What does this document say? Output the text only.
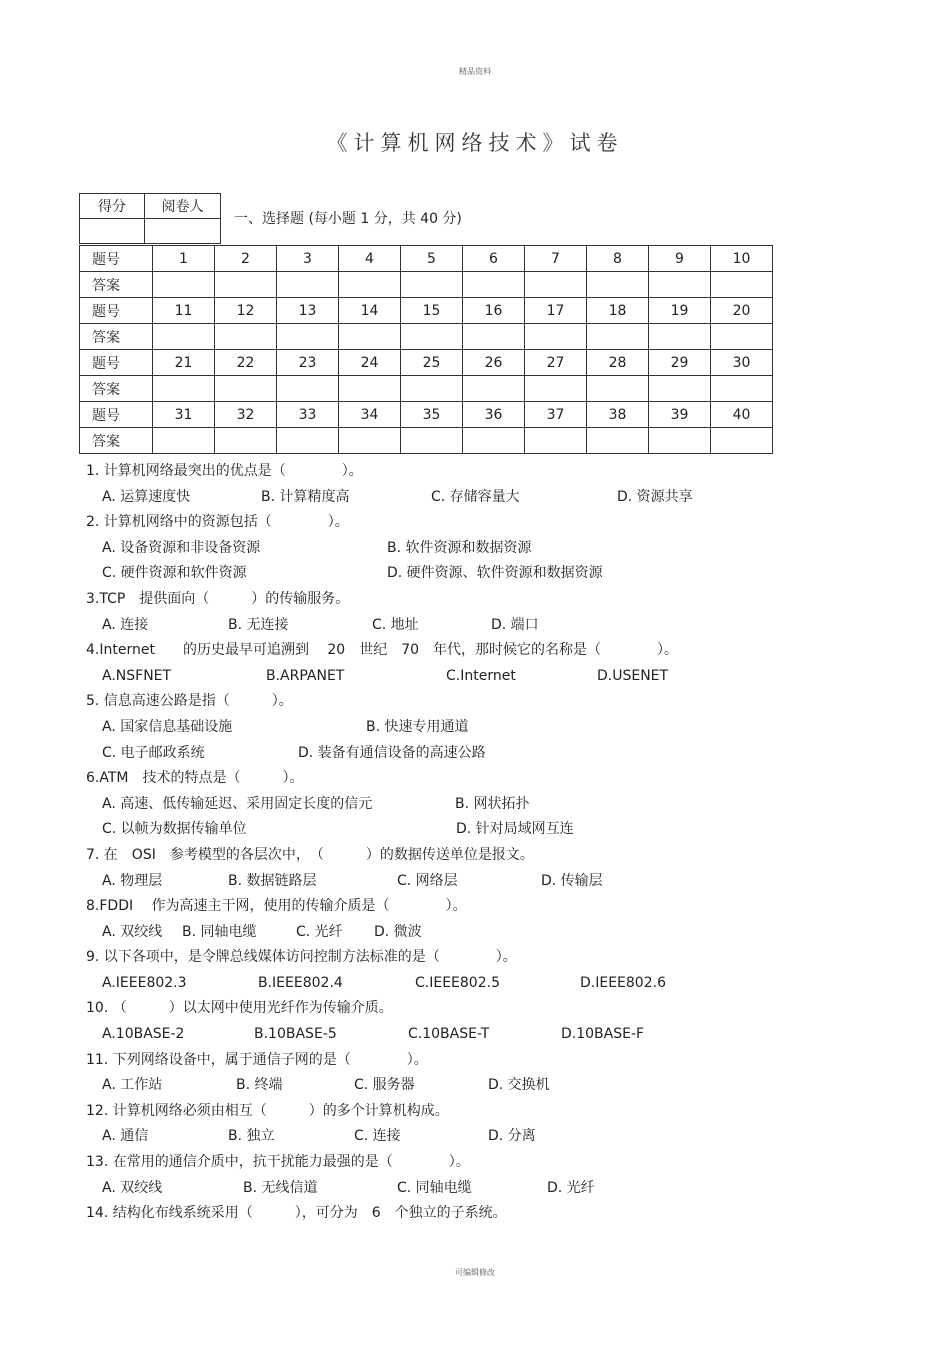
精品资料
《计算机网络技术》试卷
得分	阅卷人

一、选择题 (每小题 1 分，共 40 分)
题号	1	2	3	4	5	6	7	8	9	10
答案										
题号	11	12	13	14	15	16	17	18	19	20
答案										
题号	21	22	23	24	25	26	27	28	29	30
答案										
题号	31	32	33	34	35	36	37	38	39	40
答案										
1. 计算机网络最突出的优点是（　　　　）。
A. 运算速度快	B. 计算精度高	C. 存储容量大	D. 资源共享
2. 计算机网络中的资源包括（　　　　）。
A. 设备资源和非设备资源	B. 软件资源和数据资源
C. 硬件资源和软件资源	D. 硬件资源、软件资源和数据资源
3.TCP　提供面向（　　　）的传输服务。
A. 连接	B. 无连接	C. 地址	D. 端口
4.Internet　　的历史最早可追溯到　 20　世纪　70　年代，那时候它的名称是（　　　　）。
A.NSFNET	B.ARPANET	C.Internet	D.USENET
5. 信息高速公路是指（　　　）。
A. 国家信息基础设施	B. 快速专用通道
C. 电子邮政系统	D. 装备有通信设备的高速公路
6.ATM　技术的特点是（　　　）。
A. 高速、低传输延迟、采用固定长度的信元	B. 网状拓扑
C. 以帧为数据传输单位	D. 针对局域网互连
7. 在　OSI　参考模型的各层次中，　（　　　）的数据传送单位是报文。
A. 物理层	B. 数据链路层	C. 网络层	D. 传输层
8.FDDI　 作为高速主干网，使用的传输介质是（　　　　）。
A. 双绞线 B. 同轴电缆	C. 光纤 D. 微波
9. 以下各项中，是令牌总线媒体访问控制方法标准的是（　　　　）。
A.IEEE802.3	B.IEEE802.4	C.IEEE802.5	D.IEEE802.6
10. （　　　）以太网中使用光纤作为传输介质。
A.10BASE-2	B.10BASE-5	C.10BASE-T	D.10BASE-F
11. 下列网络设备中，属于通信子网的是（　　　　）。
A. 工作站	B. 终端	C. 服务器	D. 交换机
12. 计算机网络必须由相互（　　　）的多个计算机构成。
A. 通信	B. 独立	C. 连接	D. 分离
13. 在常用的通信介质中，抗干扰能力最强的是（　　　　）。
A. 双绞线	B. 无线信道	C. 同轴电缆	D. 光纤
14. 结构化布线系统采用（　　　），可分为　6　个独立的子系统。
可编辑修改
